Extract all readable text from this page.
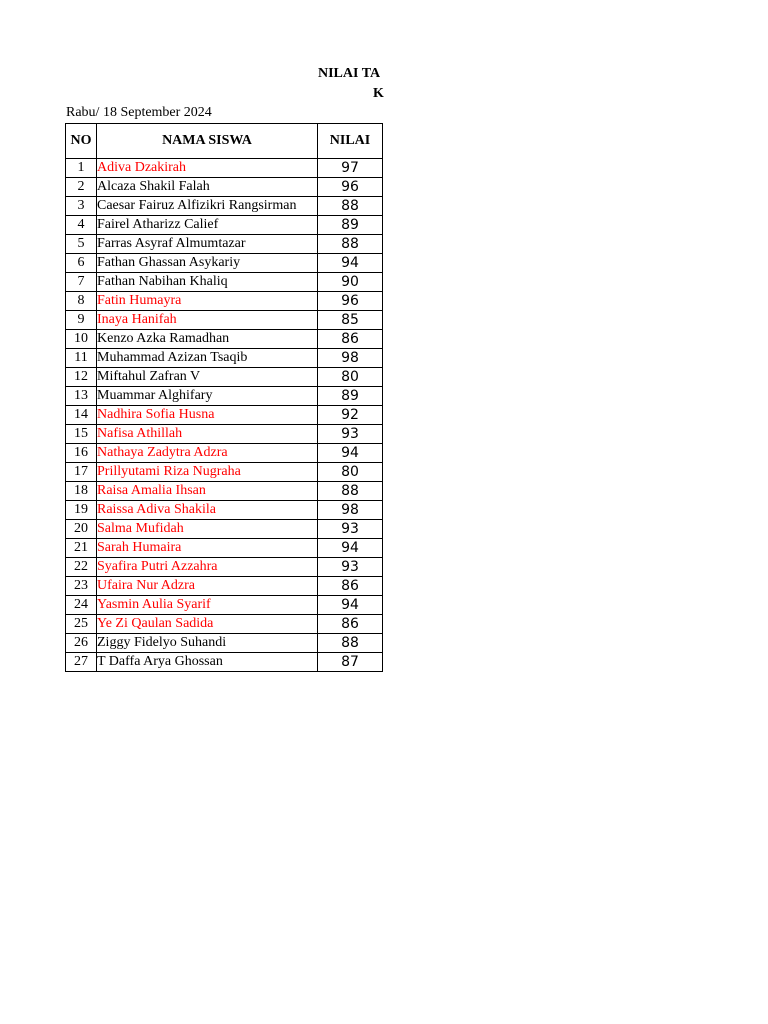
NILAI TA
K
Rabu/ 18 September 2024
NO	NAMA SISWA	NILAI
1	Adiva Dzakirah	97
2	Alcaza Shakil Falah	96
3	Caesar Fairuz Alfizikri Rangsirman	88
4	Fairel Atharizz Calief	89
5	Farras Asyraf Almumtazar	88
6	Fathan Ghassan Asykariy	94
7	Fathan Nabihan Khaliq	90
8	Fatin Humayra	96
9	Inaya Hanifah	85
10	Kenzo Azka Ramadhan	86
11	Muhammad Azizan Tsaqib	98
12	Miftahul Zafran V	80
13	Muammar Alghifary	89
14	Nadhira Sofia Husna	92
15	Nafisa Athillah	93
16	Nathaya Zadytra Adzra	94
17	Prillyutami Riza Nugraha	80
18	Raisa Amalia Ihsan	88
19	Raissa Adiva Shakila	98
20	Salma Mufidah	93
21	Sarah Humaira	94
22	Syafira Putri Azzahra	93
23	Ufaira Nur Adzra	86
24	Yasmin Aulia Syarif	94
25	Ye Zi Qaulan Sadida	86
26	Ziggy Fidelyo Suhandi	88
27	T Daffa Arya Ghossan	87
